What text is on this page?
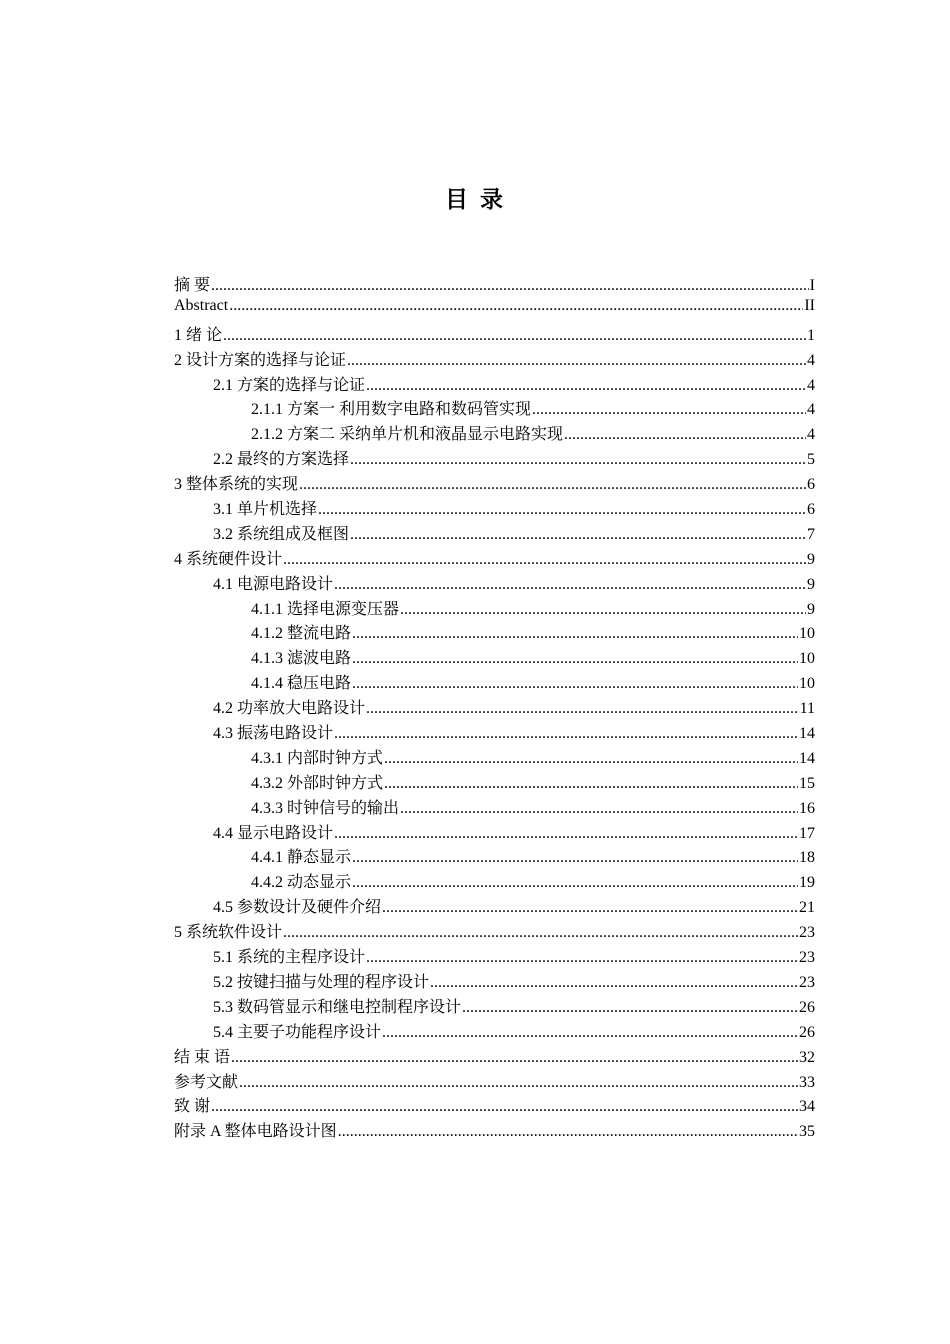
目 录
摘 要 .....	I
Abstract .....	II
1 绪 论 .....	1
2 设计方案的选择与论证 .....	4
2.1 方案的选择与论证 .....	4
2.1.1 方案一 利用数字电路和数码管实现 .....	4
2.1.2 方案二 采纳单片机和液晶显示电路实现 .....	4
2.2 最终的方案选择 .....	5
3 整体系统的实现 .....	6
3.1 单片机选择 .....	6
3.2 系统组成及框图 .....	7
4 系统硬件设计 .....	9
4.1 电源电路设计 .....	9
4.1.1 选择电源变压器 .....	9
4.1.2 整流电路 .....	10
4.1.3 滤波电路 .....	10
4.1.4 稳压电路 .....	10
4.2 功率放大电路设计 .....	11
4.3 振荡电路设计 .....	14
4.3.1 内部时钟方式 .....	14
4.3.2 外部时钟方式 .....	15
4.3.3 时钟信号的输出 .....	16
4.4 显示电路设计 .....	17
4.4.1 静态显示 .....	18
4.4.2 动态显示 .....	19
4.5 参数设计及硬件介绍 .....	21
5 系统软件设计 .....	23
5.1 系统的主程序设计 .....	23
5.2 按键扫描与处理的程序设计 .....	23
5.3 数码管显示和继电控制程序设计 .....	26
5.4 主要子功能程序设计 .....	26
结 束 语 .....	32
参考文献 .....	33
致 谢 .....	34
附录 A 整体电路设计图 .....	35
